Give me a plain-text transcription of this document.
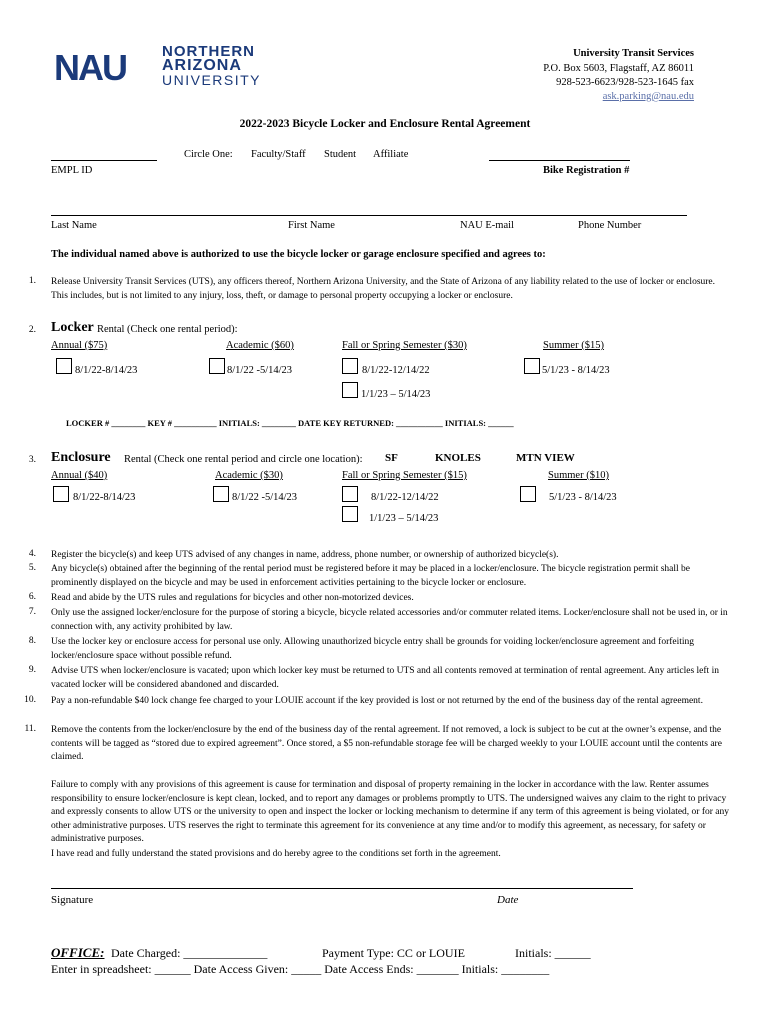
NAU NORTHERN
ARIZONA
UNIVERSITY
University Transit Services
P.O. Box 5603, Flagstaff, AZ 86011
928-523-6623/928-523-1645 fax
ask.parking@nau.edu
2022-2023 Bicycle Locker and Enclosure Rental Agreement
Circle One: Faculty/Staff Student Affiliate
EMPL ID	Bike Registration #
Last Name	First Name	NAU E-mail	Phone Number
The individual named above is authorized to use the bicycle locker or garage enclosure specified and agrees to:
1. Release University Transit Services (UTS), any officers thereof, Northern Arizona University, and the State of Arizona of any liability related to the use of locker or enclosure. This includes, but is not limited to any injury, loss, theft, or damage to personal property occupying a locker or enclosure.
2. Locker Rental (Check one rental period):
Annual ($75)	Academic ($60)	Fall or Spring Semester ($30)	Summer ($15)
8/1/22-8/14/23	8/1/22 -5/14/23	8/1/22-12/14/22	5/1/23 - 8/14/23
1/1/23 – 5/14/23
LOCKER # ________ KEY # __________ INITIALS: ________ DATE KEY RETURNED: ___________ INITIALS: ______
3. Enclosure Rental (Check one rental period and circle one location): SF	KNOLES	MTN VIEW
Annual ($40)	Academic ($30)	Fall or Spring Semester ($15)	Summer ($10)
8/1/22-8/14/23	8/1/22 -5/14/23	8/1/22-12/14/22	5/1/23 - 8/14/23
1/1/23 – 5/14/23
4. Register the bicycle(s) and keep UTS advised of any changes in name, address, phone number, or ownership of authorized bicycle(s).
5. Any bicycle(s) obtained after the beginning of the rental period must be registered before it may be placed in a locker/enclosure. The bicycle registration permit shall be prominently displayed on the bicycle and may be used in enforcement activities pertaining to the bicycle locker or enclosure.
6. Read and abide by the UTS rules and regulations for bicycles and other non-motorized devices.
7. Only use the assigned locker/enclosure for the purpose of storing a bicycle, bicycle related accessories and/or commuter related items. Locker/enclosure shall not be used in, or in connection with, any activity prohibited by law.
8. Use the locker key or enclosure access for personal use only. Allowing unauthorized bicycle entry shall be grounds for voiding locker/enclosure agreement and forfeiting locker/enclosure space without possible refund.
9. Advise UTS when locker/enclosure is vacated; upon which locker key must be returned to UTS and all contents removed at termination of rental agreement. Any articles left in vacated locker will be considered abandoned and discarded.
10. Pay a non-refundable $40 lock change fee charged to your LOUIE account if the key provided is lost or not returned by the end of the business day of the rental agreement.
11. Remove the contents from the locker/enclosure by the end of the business day of the rental agreement. If not removed, a lock is subject to be cut at the owner’s expense, and the contents will be tagged as “stored due to expired agreement”. Once stored, a $5 non-refundable storage fee will be charged weekly to your LOUIE account until the contents are claimed.
Failure to comply with any provisions of this agreement is cause for termination and disposal of property remaining in the locker in accordance with the law. Renter assumes responsibility to ensure locker/enclosure is kept clean, locked, and to report any damages or problems promptly to UTS. The undersigned waives any claim to the right to privacy and expressly consents to allow UTS or the university to open and inspect the locker or locking mechanism to determine if any term of this agreement is being violated, or for any other administrative purposes. UTS reserves the right to terminate this agreement for its convenience at any time and/or to modify this agreement, as necessary, for safety or administrative purposes.
I have read and fully understand the stated provisions and do hereby agree to the conditions set forth in the agreement.
Signature	Date
OFFICE: Date Charged: ______________	Payment Type: CC or LOUIE	Initials: ______
Enter in spreadsheet: ______ Date Access Given: _____ Date Access Ends: _______ Initials: ________
